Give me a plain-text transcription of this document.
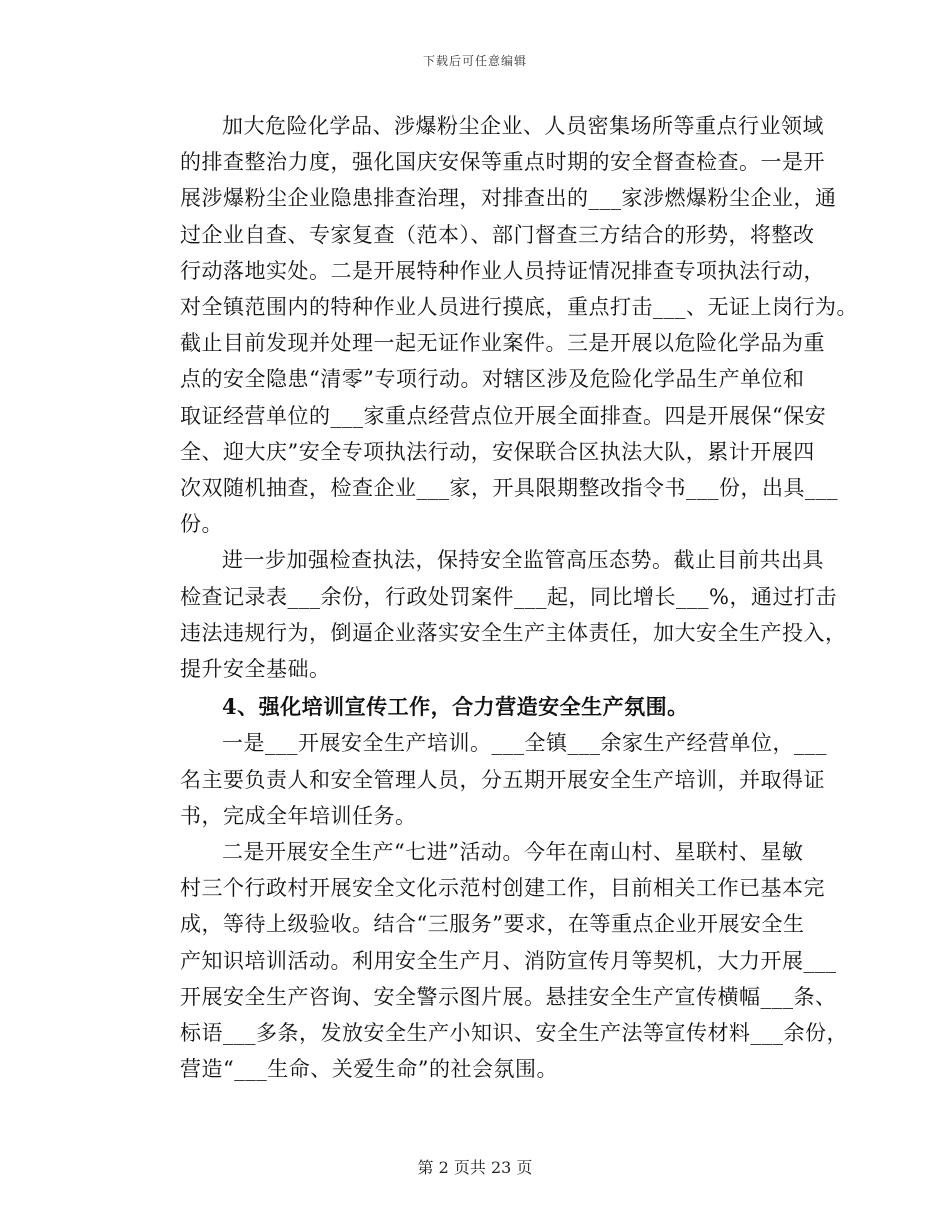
下载后可任意编辑

加大危险化学品、涉爆粉尘企业、人员密集场所等重点行业领域
的排查整治力度，强化国庆安保等重点时期的安全督查检查。一是开
展涉爆粉尘企业隐患排查治理，对排查出的___家涉燃爆粉尘企业，通
过企业自查、专家复查（范本）、部门督查三方结合的形势，将整改
行动落地实处。二是开展特种作业人员持证情况排查专项执法行动，
对全镇范围内的特种作业人员进行摸底，重点打击___、无证上岗行为。
截止目前发现并处理一起无证作业案件。三是开展以危险化学品为重
点的安全隐患“清零”专项行动。对辖区涉及危险化学品生产单位和
取证经营单位的___家重点经营点位开展全面排查。四是开展保“保安
全、迎大庆”安全专项执法行动，安保联合区执法大队，累计开展四
次双随机抽查，检查企业___家，开具限期整改指令书___份，出具___
份。

进一步加强检查执法，保持安全监管高压态势。截止目前共出具
检查记录表___余份，行政处罚案件___起，同比增长___%，通过打击
违法违规行为，倒逼企业落实安全生产主体责任，加大安全生产投入，
提升安全基础。

4、强化培训宣传工作，合力营造安全生产氛围。

一是___开展安全生产培训。___全镇___余家生产经营单位，___
名主要负责人和安全管理人员，分五期开展安全生产培训，并取得证
书，完成全年培训任务。

二是开展安全生产“七进”活动。今年在南山村、星联村、星敏
村三个行政村开展安全文化示范村创建工作，目前相关工作已基本完
成，等待上级验收。结合“三服务”要求，在等重点企业开展安全生
产知识培训活动。利用安全生产月、消防宣传月等契机，大力开展___
开展安全生产咨询、安全警示图片展。悬挂安全生产宣传横幅___条、
标语___多条，发放安全生产小知识、安全生产法等宣传材料___余份，
营造“___生命、关爱生命”的社会氛围。

第 2 页共 23 页
